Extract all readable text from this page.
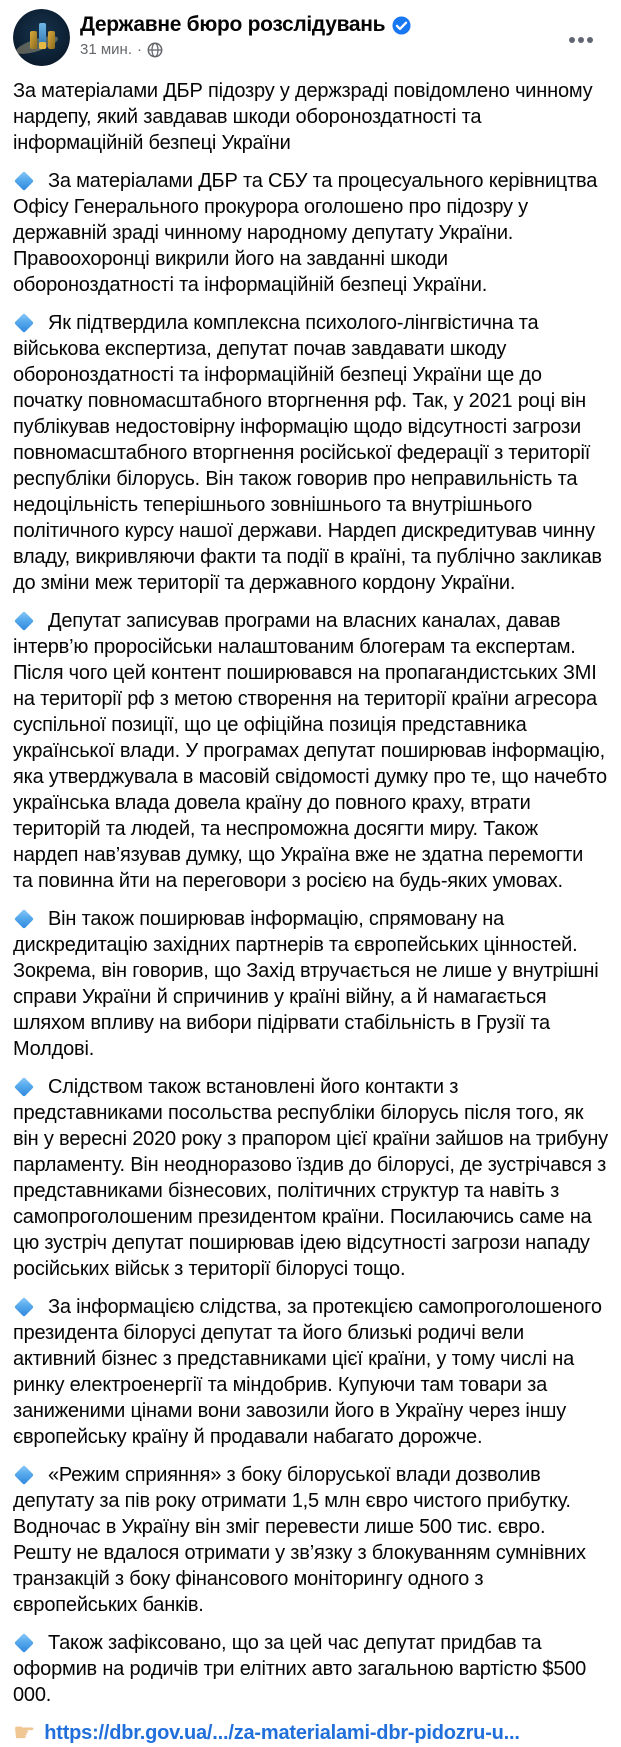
Державне бюро розслідувань
31 мин. ·

За матеріалами ДБР підозру у держзраді повідомлено чинному нардепу, який завдавав шкоди обороноздатності та інформаційній безпеці України

За матеріалами ДБР та СБУ та процесуального керівництва Офісу Генерального прокурора оголошено про підозру у державній зраді чинному народному депутату України. Правоохоронці викрили його на завданні шкоди обороноздатності та інформаційній безпеці України.

Як підтвердила комплексна психолого-лінгвістична та військова експертиза, депутат почав завдавати шкоду обороноздатності та інформаційній безпеці України ще до початку повномасштабного вторгнення рф. Так, у 2021 році він публікував недостовірну інформацію щодо відсутності загрози повномасштабного вторгнення російської федерації з території республіки білорусь. Він також говорив про неправильність та недоцільність теперішнього зовнішнього та внутрішнього політичного курсу нашої держави. Нардеп дискредитував чинну владу, викривляючи факти та події в країні, та публічно закликав до зміни меж території та державного кордону України.

Депутат записував програми на власних каналах, давав інтерв’ю проросійськи налаштованим блогерам та експертам. Після чого цей контент поширювався на пропагандистських ЗМІ на території рф з метою створення на території країни агресора суспільної позиції, що це офіційна позиція представника української влади. У програмах депутат поширював інформацію, яка утверджувала в масовій свідомості думку про те, що начебто українська влада довела країну до повного краху, втрати територій та людей, та неспроможна досягти миру. Також нардеп нав’язував думку, що Україна вже не здатна перемогти та повинна йти на переговори з росією на будь-яких умовах.

Він також поширював інформацію, спрямовану на дискредитацію західних партнерів та європейських цінностей. Зокрема, він говорив, що Захід втручається не лише у внутрішні справи України й спричинив у країні війну, а й намагається шляхом впливу на вибори підірвати стабільність в Грузії та Молдові.

Слідством також встановлені його контакти з представниками посольства республіки білорусь після того, як він у вересні 2020 року з прапором цієї країни зайшов на трибуну парламенту. Він неодноразово їздив до білорусі, де зустрічався з представниками бізнесових, політичних структур та навіть з самопроголошеним президентом країни. Посилаючись саме на цю зустріч депутат поширював ідею відсутності загрози нападу російських військ з території білорусі тощо.

За інформацією слідства, за протекцією самопроголошеного президента білорусі депутат та його близькі родичі вели активний бізнес з представниками цієї країни, у тому числі на ринку електроенергії та міндобрив. Купуючи там товари за заниженими цінами вони завозили його в Україну через іншу європейську країну й продавали набагато дорожче.

«Режим сприяння» з боку білоруської влади дозволив депутату за пів року отримати 1,5 млн євро чистого прибутку. Водночас в Україну він зміг перевести лише 500 тис. євро. Решту не вдалося отримати у зв’язку з блокуванням сумнівних транзакцій з боку фінансового моніторингу одного з європейських банків.

Також зафіксовано, що за цей час депутат придбав та оформив на родичів три елітних авто загальною вартістю $500 000.

☛ https://dbr.gov.ua/.../za-materialami-dbr-pidozru-u...
